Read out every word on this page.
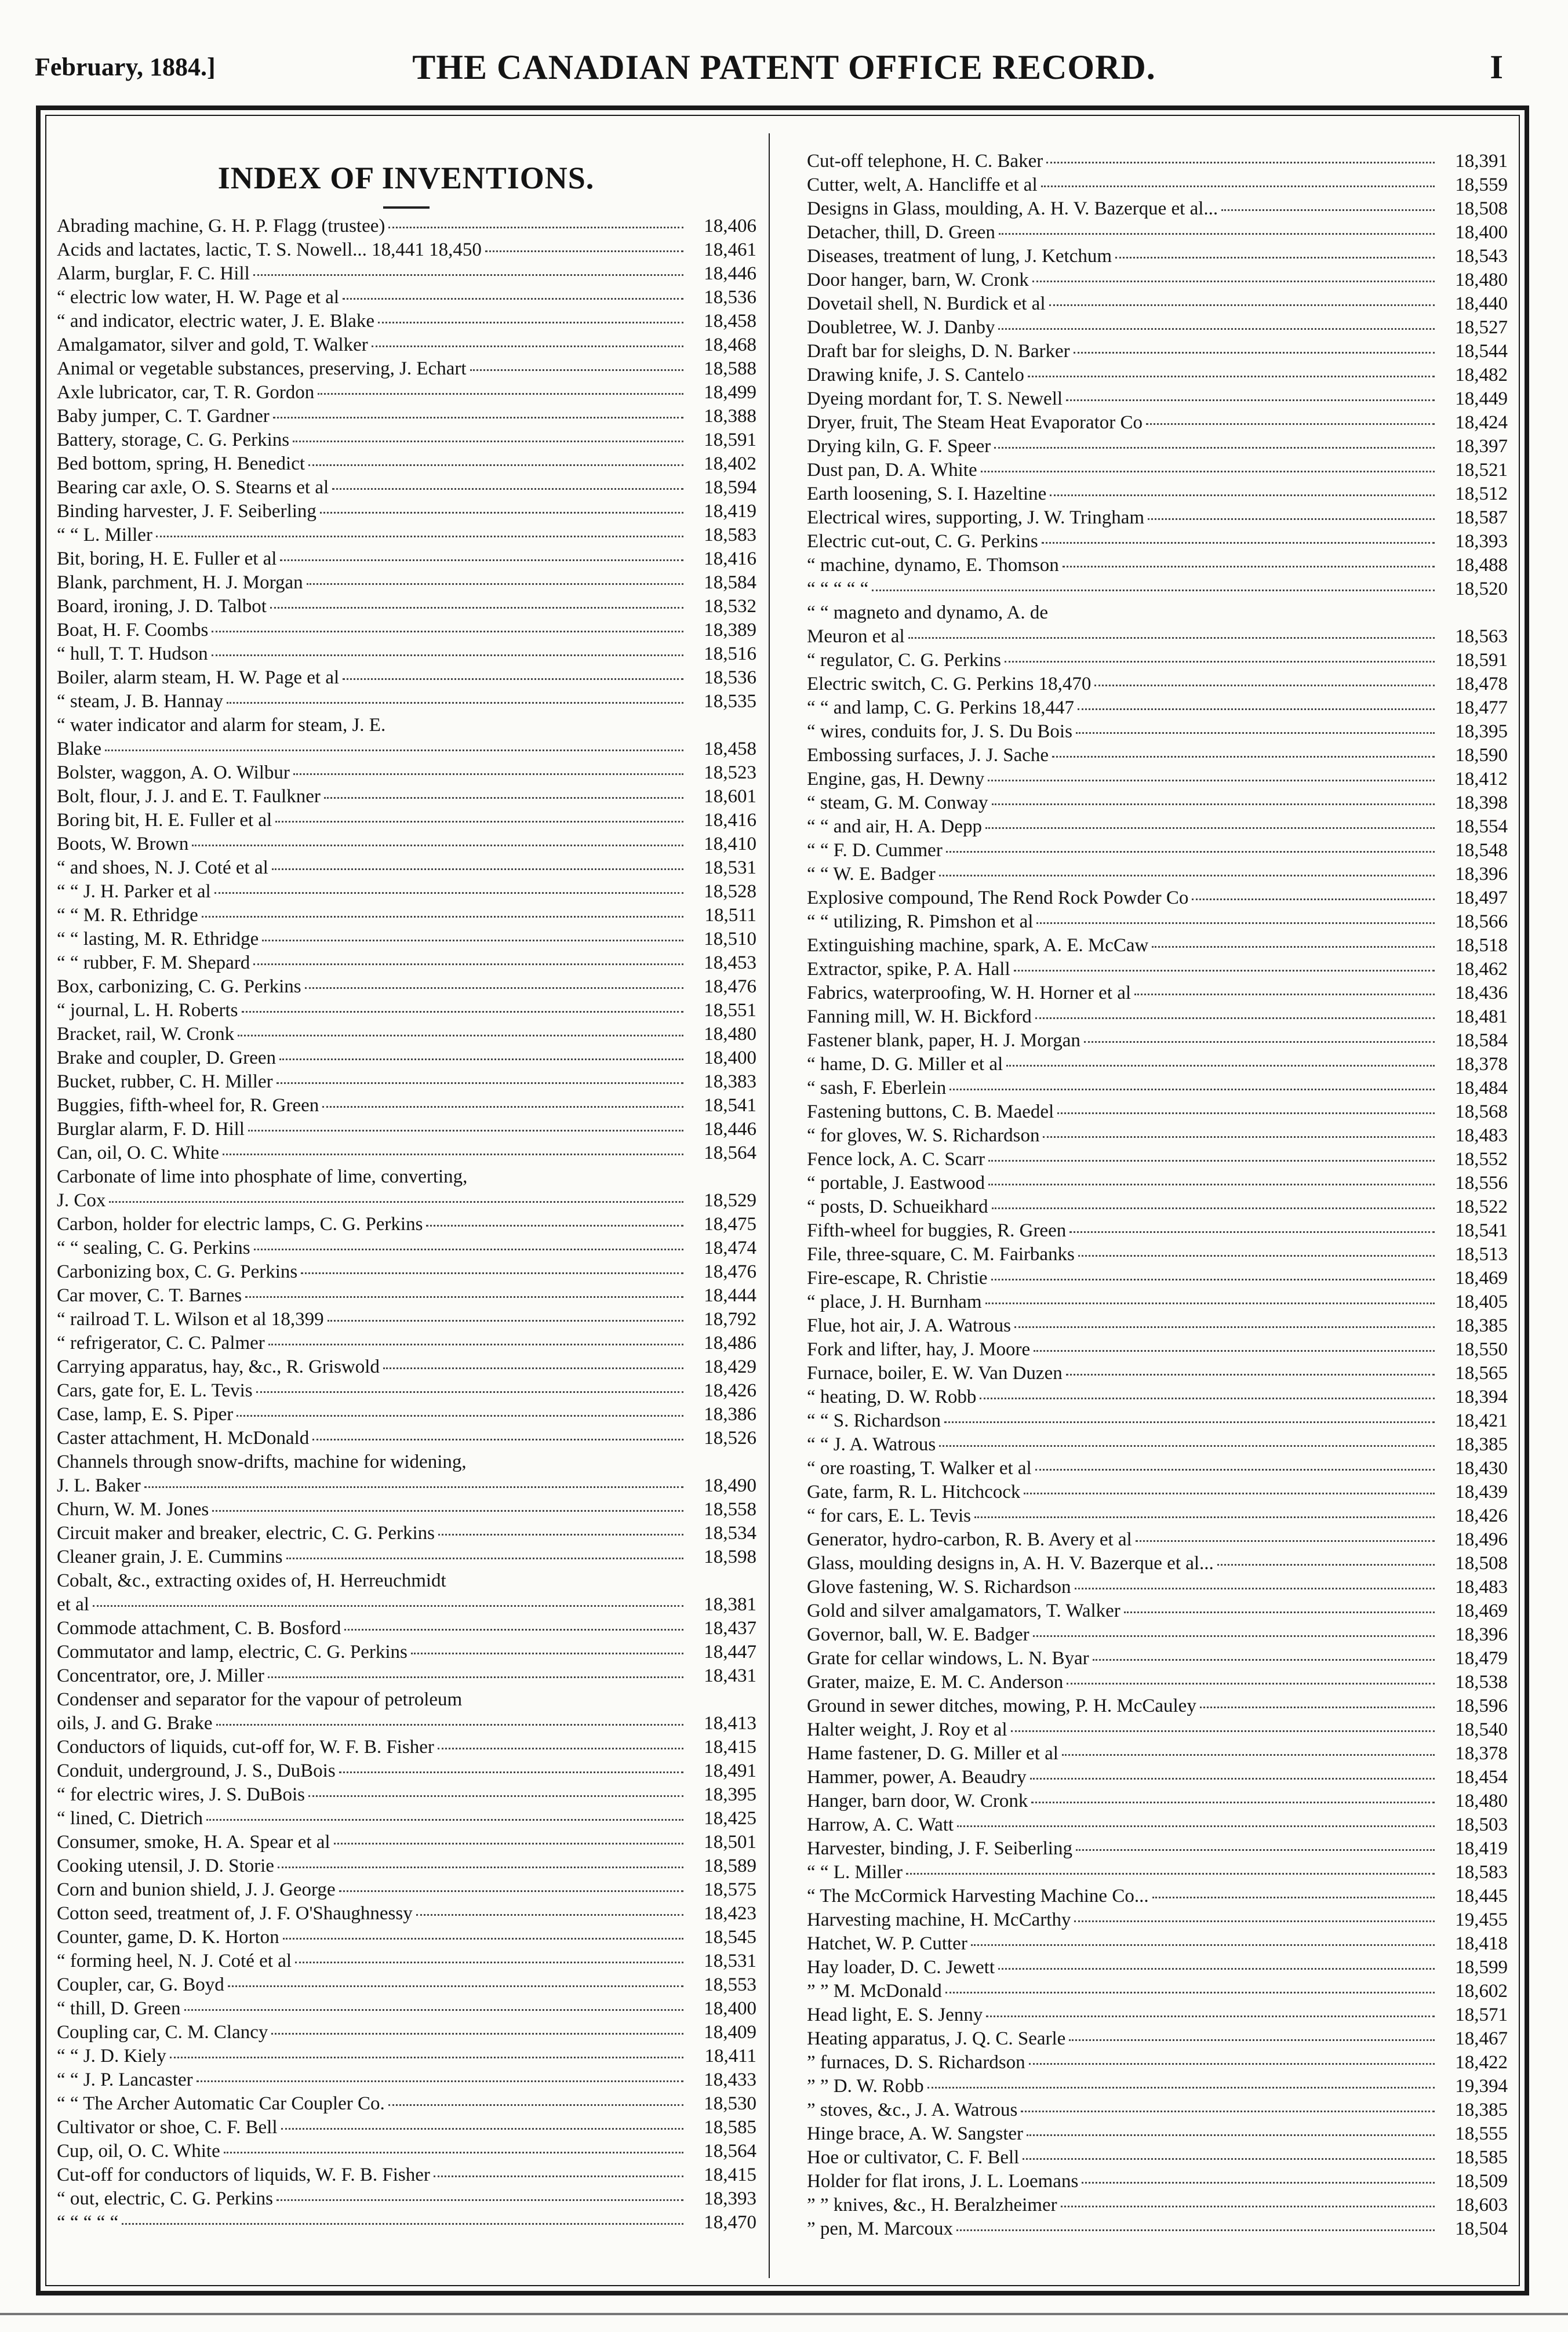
February, 1884.]	THE CANADIAN PATENT OFFICE RECORD.	I
INDEX OF INVENTIONS.
Abrading machine, G. H. P. Flagg (trustee)	18,406
Acids and lactates, lactic, T. S. Nowell... 18,441 18,450	18,461
Alarm, burglar, F. C. Hill	18,446
“ electric low water, H. W. Page et al	18,536
“ and indicator, electric water, J. E. Blake	18,458
Amalgamator, silver and gold, T. Walker	18,468
Animal or vegetable substances, preserving, J. Echart	18,588
Axle lubricator, car, T. R. Gordon	18,499
Baby jumper, C. T. Gardner	18,388
Battery, storage, C. G. Perkins	18,591
Bed bottom, spring, H. Benedict	18,402
Bearing car axle, O. S. Stearns et al	18,594
Binding harvester, J. F. Seiberling	18,419
“ “ L. Miller	18,583
Bit, boring, H. E. Fuller et al	18,416
Blank, parchment, H. J. Morgan	18,584
Board, ironing, J. D. Talbot	18,532
Boat, H. F. Coombs	18,389
“ hull, T. T. Hudson	18,516
Boiler, alarm steam, H. W. Page et al	18,536
“ steam, J. B. Hannay	18,535
“ water indicator and alarm for steam, J. E.
Blake	18,458
Bolster, waggon, A. O. Wilbur	18,523
Bolt, flour, J. J. and E. T. Faulkner	18,601
Boring bit, H. E. Fuller et al	18,416
Boots, W. Brown	18,410
“ and shoes, N. J. Coté et al	18,531
“ “ J. H. Parker et al	18,528
“ “ M. R. Ethridge	18,511
“ “ lasting, M. R. Ethridge	18,510
“ “ rubber, F. M. Shepard	18,453
Box, carbonizing, C. G. Perkins	18,476
“ journal, L. H. Roberts	18,551
Bracket, rail, W. Cronk	18,480
Brake and coupler, D. Green	18,400
Bucket, rubber, C. H. Miller	18,383
Buggies, fifth-wheel for, R. Green	18,541
Burglar alarm, F. D. Hill	18,446
Can, oil, O. C. White	18,564
Carbonate of lime into phosphate of lime, converting,
J. Cox	18,529
Carbon, holder for electric lamps, C. G. Perkins	18,475
“ “ sealing, C. G. Perkins	18,474
Carbonizing box, C. G. Perkins	18,476
Car mover, C. T. Barnes	18,444
“ railroad T. L. Wilson et al 18,399	18,792
“ refrigerator, C. C. Palmer	18,486
Carrying apparatus, hay, &c., R. Griswold	18,429
Cars, gate for, E. L. Tevis	18,426
Case, lamp, E. S. Piper	18,386
Caster attachment, H. McDonald	18,526
Channels through snow-drifts, machine for widening,
J. L. Baker	18,490
Churn, W. M. Jones	18,558
Circuit maker and breaker, electric, C. G. Perkins	18,534
Cleaner grain, J. E. Cummins	18,598
Cobalt, &c., extracting oxides of, H. Herreuchmidt
et al	18,381
Commode attachment, C. B. Bosford	18,437
Commutator and lamp, electric, C. G. Perkins	18,447
Concentrator, ore, J. Miller	18,431
Condenser and separator for the vapour of petroleum
oils, J. and G. Brake	18,413
Conductors of liquids, cut-off for, W. F. B. Fisher	18,415
Conduit, underground, J. S., DuBois	18,491
“ for electric wires, J. S. DuBois	18,395
“ lined, C. Dietrich	18,425
Consumer, smoke, H. A. Spear et al	18,501
Cooking utensil, J. D. Storie	18,589
Corn and bunion shield, J. J. George	18,575
Cotton seed, treatment of, J. F. O'Shaughnessy	18,423
Counter, game, D. K. Horton	18,545
“ forming heel, N. J. Coté et al	18,531
Coupler, car, G. Boyd	18,553
“ thill, D. Green	18,400
Coupling car, C. M. Clancy	18,409
“ “ J. D. Kiely	18,411
“ “ J. P. Lancaster	18,433
“ “ The Archer Automatic Car Coupler Co.	18,530
Cultivator or shoe, C. F. Bell	18,585
Cup, oil, O. C. White	18,564
Cut-off for conductors of liquids, W. F. B. Fisher	18,415
“ out, electric, C. G. Perkins	18,393
“ “ “ “ “	18,470
Cut-off telephone, H. C. Baker	18,391
Cutter, welt, A. Hancliffe et al	18,559
Designs in Glass, moulding, A. H. V. Bazerque et al...	18,508
Detacher, thill, D. Green	18,400
Diseases, treatment of lung, J. Ketchum	18,543
Door hanger, barn, W. Cronk	18,480
Dovetail shell, N. Burdick et al	18,440
Doubletree, W. J. Danby	18,527
Draft bar for sleighs, D. N. Barker	18,544
Drawing knife, J. S. Cantelo	18,482
Dyeing mordant for, T. S. Newell	18,449
Dryer, fruit, The Steam Heat Evaporator Co	18,424
Drying kiln, G. F. Speer	18,397
Dust pan, D. A. White	18,521
Earth loosening, S. I. Hazeltine	18,512
Electrical wires, supporting, J. W. Tringham	18,587
Electric cut-out, C. G. Perkins	18,393
“ machine, dynamo, E. Thomson	18,488
“ “ “ “ “	18,520
“ “ magneto and dynamo, A. de
Meuron et al	18,563
“ regulator, C. G. Perkins	18,591
Electric switch, C. G. Perkins 18,470	18,478
“ “ and lamp, C. G. Perkins 18,447	18,477
“ wires, conduits for, J. S. Du Bois	18,395
Embossing surfaces, J. J. Sache	18,590
Engine, gas, H. Dewny	18,412
“ steam, G. M. Conway	18,398
“ “ and air, H. A. Depp	18,554
“ “ F. D. Cummer	18,548
“ “ W. E. Badger	18,396
Explosive compound, The Rend Rock Powder Co	18,497
“ “ utilizing, R. Pimshon et al	18,566
Extinguishing machine, spark, A. E. McCaw	18,518
Extractor, spike, P. A. Hall	18,462
Fabrics, waterproofing, W. H. Horner et al	18,436
Fanning mill, W. H. Bickford	18,481
Fastener blank, paper, H. J. Morgan	18,584
“ hame, D. G. Miller et al	18,378
“ sash, F. Eberlein	18,484
Fastening buttons, C. B. Maedel	18,568
“ for gloves, W. S. Richardson	18,483
Fence lock, A. C. Scarr	18,552
“ portable, J. Eastwood	18,556
“ posts, D. Schueikhard	18,522
Fifth-wheel for buggies, R. Green	18,541
File, three-square, C. M. Fairbanks	18,513
Fire-escape, R. Christie	18,469
“ place, J. H. Burnham	18,405
Flue, hot air, J. A. Watrous	18,385
Fork and lifter, hay, J. Moore	18,550
Furnace, boiler, E. W. Van Duzen	18,565
“ heating, D. W. Robb	18,394
“ “ S. Richardson	18,421
“ “ J. A. Watrous	18,385
“ ore roasting, T. Walker et al	18,430
Gate, farm, R. L. Hitchcock	18,439
“ for cars, E. L. Tevis	18,426
Generator, hydro-carbon, R. B. Avery et al	18,496
Glass, moulding designs in, A. H. V. Bazerque et al...	18,508
Glove fastening, W. S. Richardson	18,483
Gold and silver amalgamators, T. Walker	18,469
Governor, ball, W. E. Badger	18,396
Grate for cellar windows, L. N. Byar	18,479
Grater, maize, E. M. C. Anderson	18,538
Ground in sewer ditches, mowing, P. H. McCauley	18,596
Halter weight, J. Roy et al	18,540
Hame fastener, D. G. Miller et al	18,378
Hammer, power, A. Beaudry	18,454
Hanger, barn door, W. Cronk	18,480
Harrow, A. C. Watt	18,503
Harvester, binding, J. F. Seiberling	18,419
“ “ L. Miller	18,583
“ The McCormick Harvesting Machine Co...	18,445
Harvesting machine, H. McCarthy	19,455
Hatchet, W. P. Cutter	18,418
Hay loader, D. C. Jewett	18,599
” ” M. McDonald	18,602
Head light, E. S. Jenny	18,571
Heating apparatus, J. Q. C. Searle	18,467
” furnaces, D. S. Richardson	18,422
” ” D. W. Robb	19,394
” stoves, &c., J. A. Watrous	18,385
Hinge brace, A. W. Sangster	18,555
Hoe or cultivator, C. F. Bell	18,585
Holder for flat irons, J. L. Loemans	18,509
” ” knives, &c., H. Beralzheimer	18,603
” pen, M. Marcoux	18,504
